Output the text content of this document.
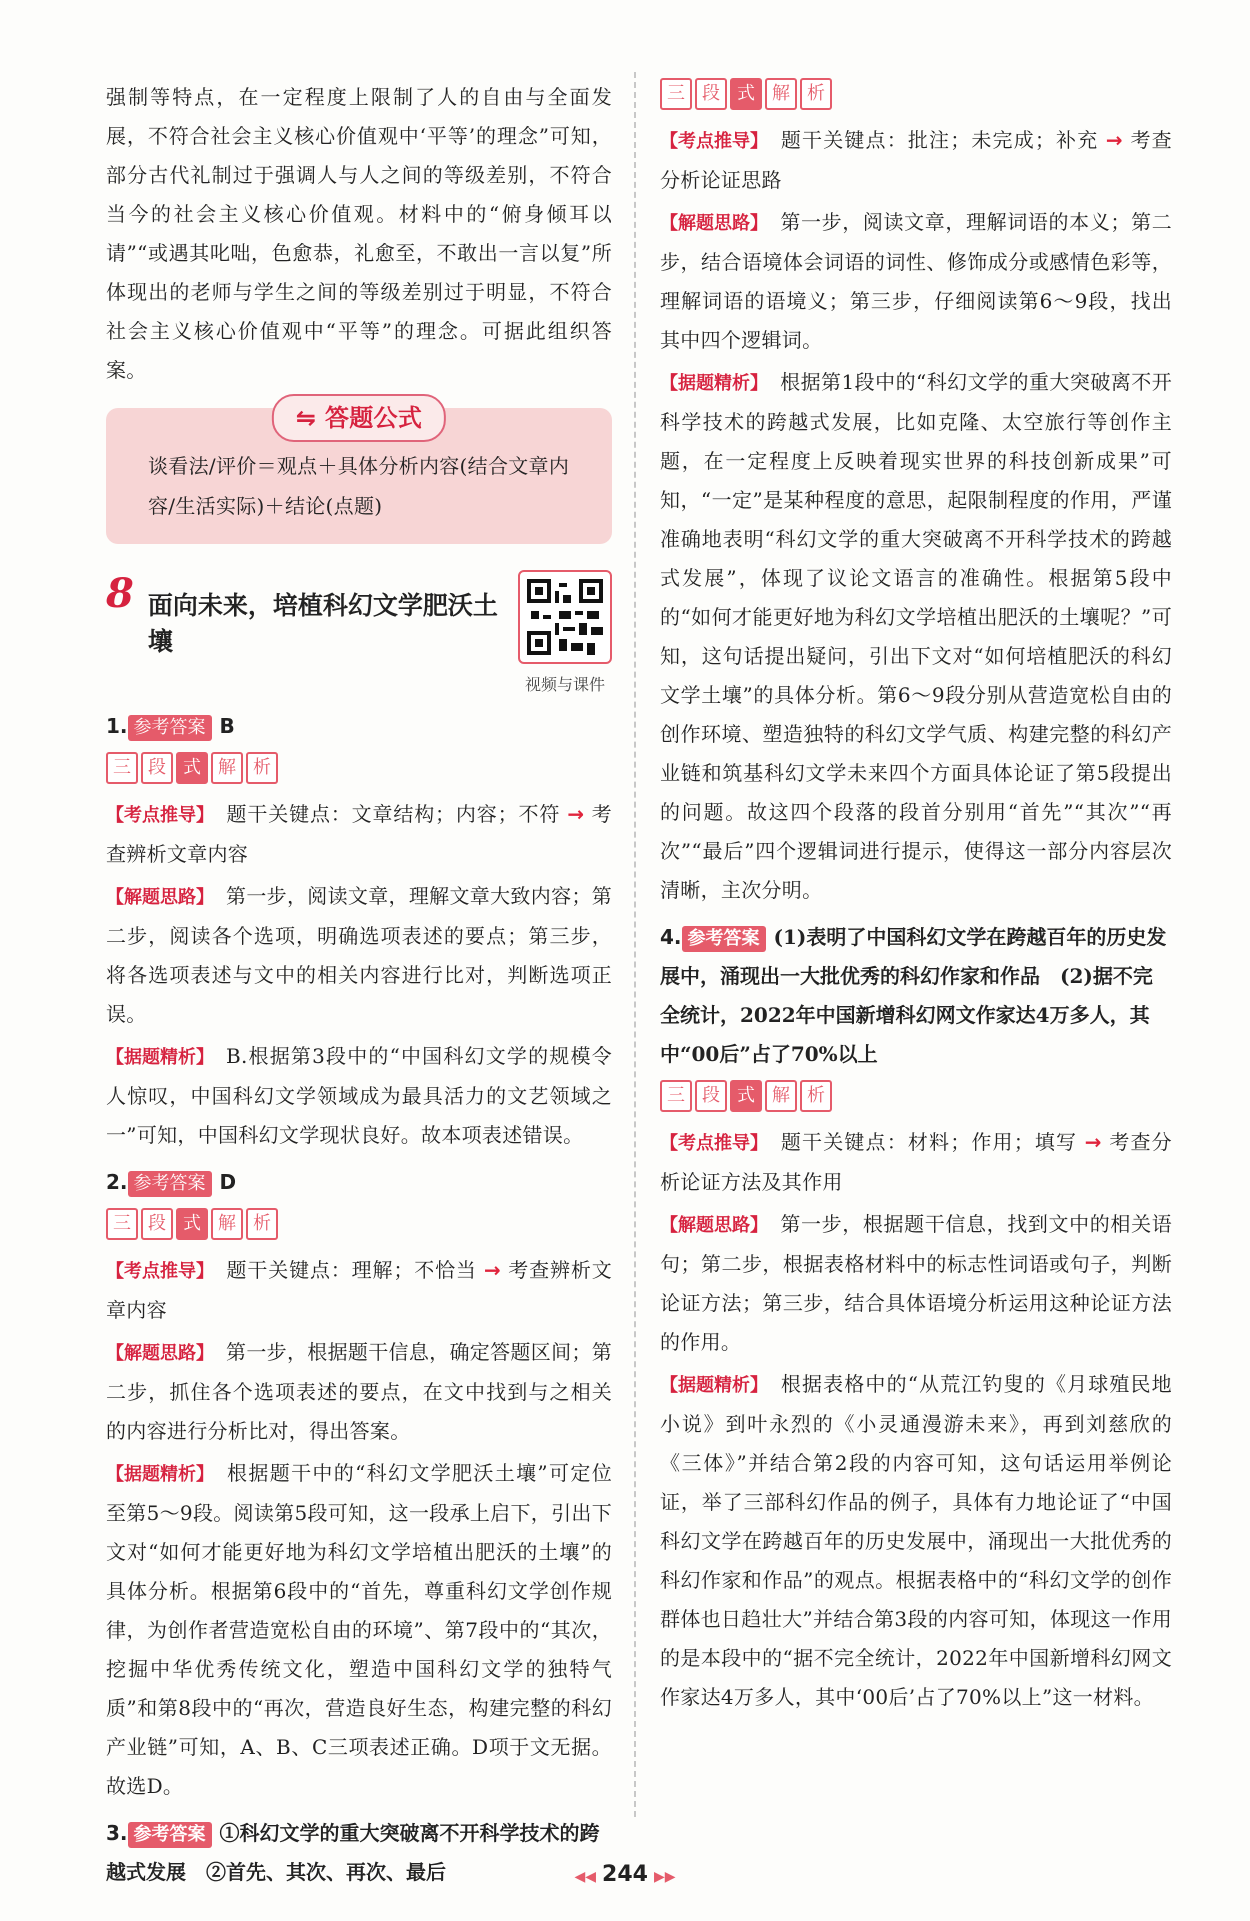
强制等特点，在一定程度上限制了人的自由与全面发展，不符合社会主义核心价值观中‘平等’的理念”可知，部分古代礼制过于强调人与人之间的等级差别，不符合当今的社会主义核心价值观。材料中的“俯身倾耳以请”“或遇其叱咄，色愈恭，礼愈至，不敢出一言以复”所体现出的老师与学生之间的等级差别过于明显，不符合社会主义核心价值观中“平等”的理念。可据此组织答案。

⇋ 答题公式

谈看法/评价＝观点＋具体分析内容(结合文章内容/生活实际)＋结论(点题)

8 面向未来，培植科幻文学肥沃土壤
视频与课件
1. 参考答案 B
三 段 式 解 析

【考点推导】 题干关键点：文章结构；内容；不符 → 考查辨析文章内容

【解题思路】 第一步，阅读文章，理解文章大致内容；第二步，阅读各个选项，明确选项表述的要点；第三步，将各选项表述与文中的相关内容进行比对，判断选项正误。

【据题精析】 B.根据第3段中的“中国科幻文学的规模令人惊叹，中国科幻文学领域成为最具活力的文艺领域之一”可知，中国科幻文学现状良好。故本项表述错误。

2. 参考答案 D
三 段 式 解 析

【考点推导】 题干关键点：理解；不恰当 → 考查辨析文章内容

【解题思路】 第一步，根据题干信息，确定答题区间；第二步，抓住各个选项表述的要点，在文中找到与之相关的内容进行分析比对，得出答案。

【据题精析】 根据题干中的“科幻文学肥沃土壤”可定位至第5～9段。阅读第5段可知，这一段承上启下，引出下文对“如何才能更好地为科幻文学培植出肥沃的土壤”的具体分析。根据第6段中的“首先，尊重科幻文学创作规律，为创作者营造宽松自由的环境”、第7段中的“其次，挖掘中华优秀传统文化，塑造中国科幻文学的独特气质”和第8段中的“再次，营造良好生态，构建完整的科幻产业链”可知，A、B、C三项表述正确。D项于文无据。故选D。

3. 参考答案 ①科幻文学的重大突破离不开科学技术的跨越式发展　②首先、其次、再次、最后
三 段 式 解 析

【考点推导】 题干关键点：批注；未完成；补充 → 考查分析论证思路

【解题思路】 第一步，阅读文章，理解词语的本义；第二步，结合语境体会词语的词性、修饰成分或感情色彩等，理解词语的语境义；第三步，仔细阅读第6～9段，找出其中四个逻辑词。

【据题精析】 根据第1段中的“科幻文学的重大突破离不开科学技术的跨越式发展，比如克隆、太空旅行等创作主题，在一定程度上反映着现实世界的科技创新成果”可知，“一定”是某种程度的意思，起限制程度的作用，严谨准确地表明“科幻文学的重大突破离不开科学技术的跨越式发展”，体现了议论文语言的准确性。根据第5段中的“如何才能更好地为科幻文学培植出肥沃的土壤呢？”可知，这句话提出疑问，引出下文对“如何培植肥沃的科幻文学土壤”的具体分析。第6～9段分别从营造宽松自由的创作环境、塑造独特的科幻文学气质、构建完整的科幻产业链和筑基科幻文学未来四个方面具体论证了第5段提出的问题。故这四个段落的段首分别用“首先”“其次”“再次”“最后”四个逻辑词进行提示，使得这一部分内容层次清晰，主次分明。

4. 参考答案 (1)表明了中国科幻文学在跨越百年的历史发展中，涌现出一大批优秀的科幻作家和作品　(2)据不完全统计，2022年中国新增科幻网文作家达4万多人，其中“00后”占了70%以上
三 段 式 解 析

【考点推导】 题干关键点：材料；作用；填写 → 考查分析论证方法及其作用

【解题思路】 第一步，根据题干信息，找到文中的相关语句；第二步，根据表格材料中的标志性词语或句子，判断论证方法；第三步，结合具体语境分析运用这种论证方法的作用。

【据题精析】 根据表格中的“从荒江钓叟的《月球殖民地小说》到叶永烈的《小灵通漫游未来》，再到刘慈欣的《三体》”并结合第2段的内容可知，这句话运用举例论证，举了三部科幻作品的例子，具体有力地论证了“中国科幻文学在跨越百年的历史发展中，涌现出一大批优秀的科幻作家和作品”的观点。根据表格中的“科幻文学的创作群体也日趋壮大”并结合第3段的内容可知，体现这一作用的是本段中的“据不完全统计，2022年中国新增科幻网文作家达4万多人，其中‘00后’占了70%以上”这一材料。

◀◀ 244 ▶▶
